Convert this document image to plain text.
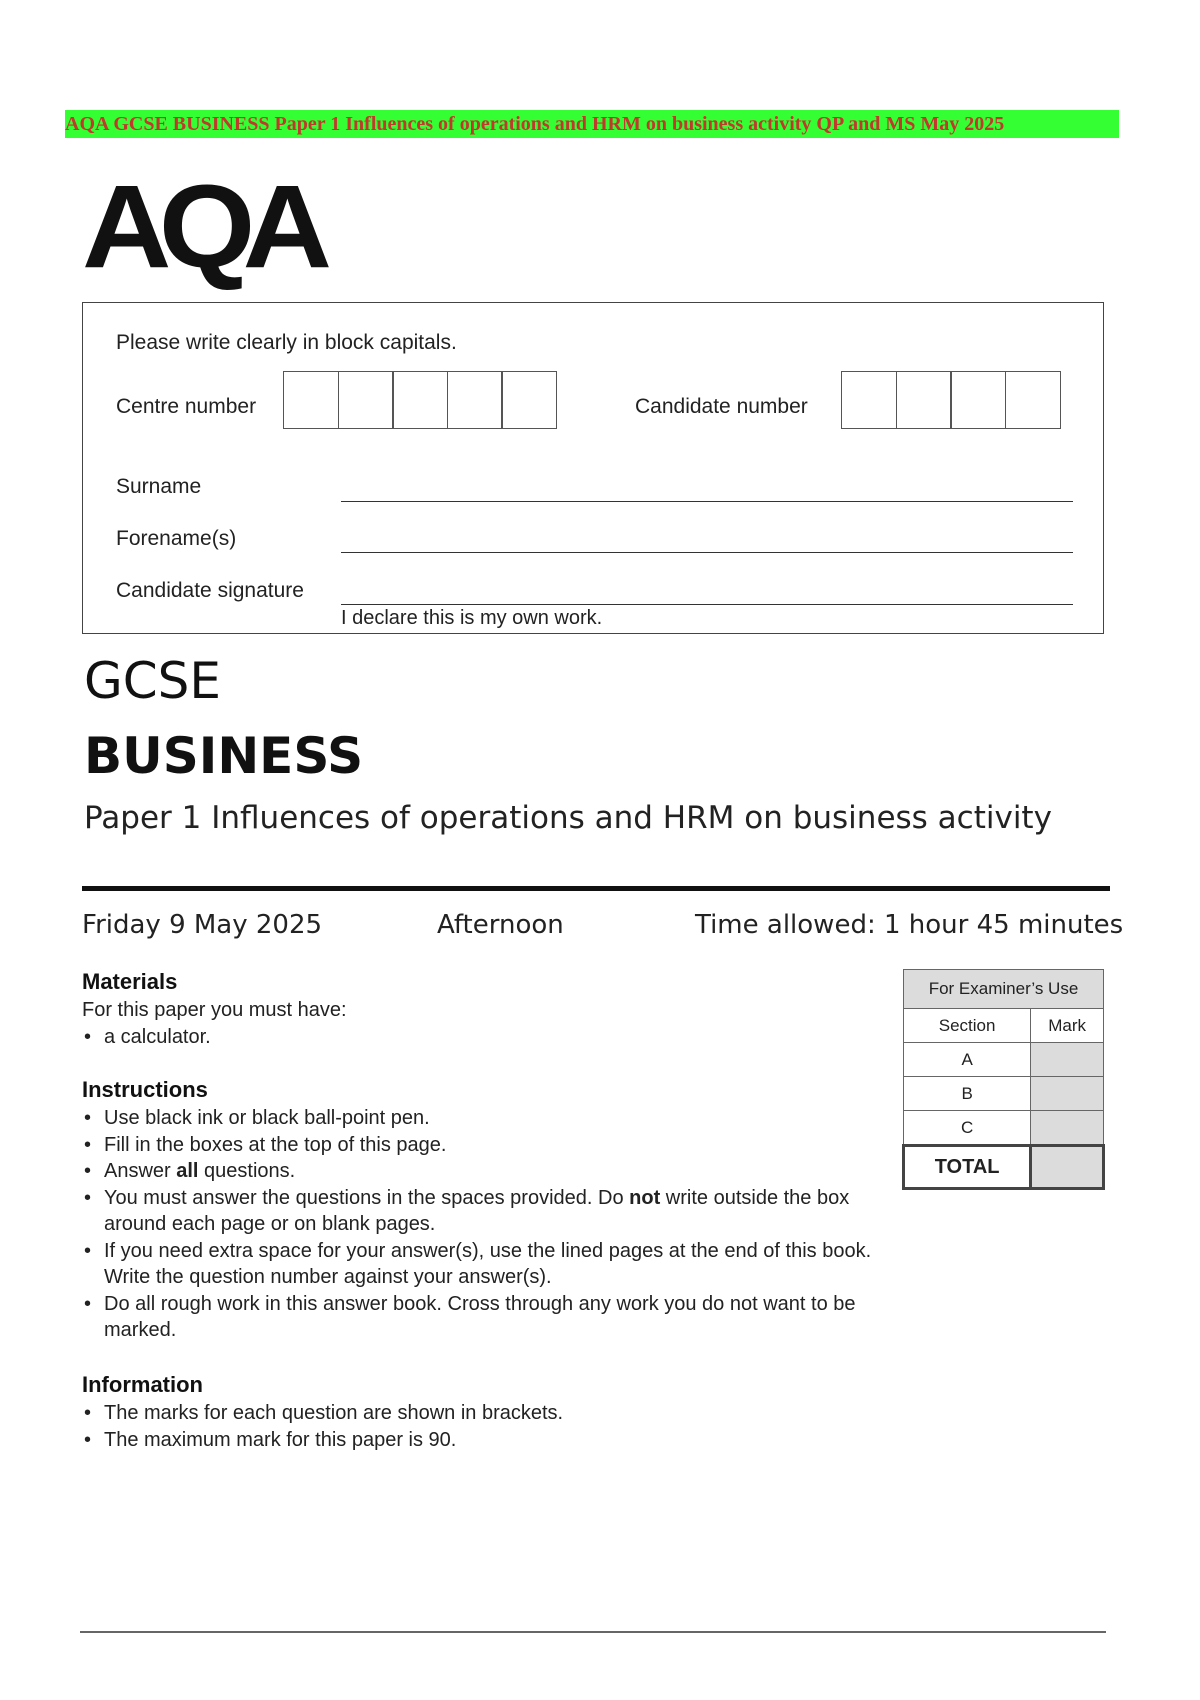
AQA GCSE BUSINESS Paper 1 Influences of operations and HRM on business activity QP and MS May 2025
AQA
Please write clearly in block capitals.
Centre number	Candidate number
Surname
Forename(s)
Candidate signature
I declare this is my own work.
GCSE
BUSINESS
Paper 1 Influences of operations and HRM on business activity
Friday 9 May 2025	Afternoon	Time allowed: 1 hour 45 minutes
Materials
For this paper you must have:
• a calculator.
Instructions
• Use black ink or black ball-point pen.
• Fill in the boxes at the top of this page.
• Answer all questions.
• You must answer the questions in the spaces provided. Do not write outside the box around each page or on blank pages.
• If you need extra space for your answer(s), use the lined pages at the end of this book. Write the question number against your answer(s).
• Do all rough work in this answer book. Cross through any work you do not want to be marked.
Information
• The marks for each question are shown in brackets.
• The maximum mark for this paper is 90.
For Examiner’s Use	
Section	Mark
A	
B	
C	
TOTAL	
